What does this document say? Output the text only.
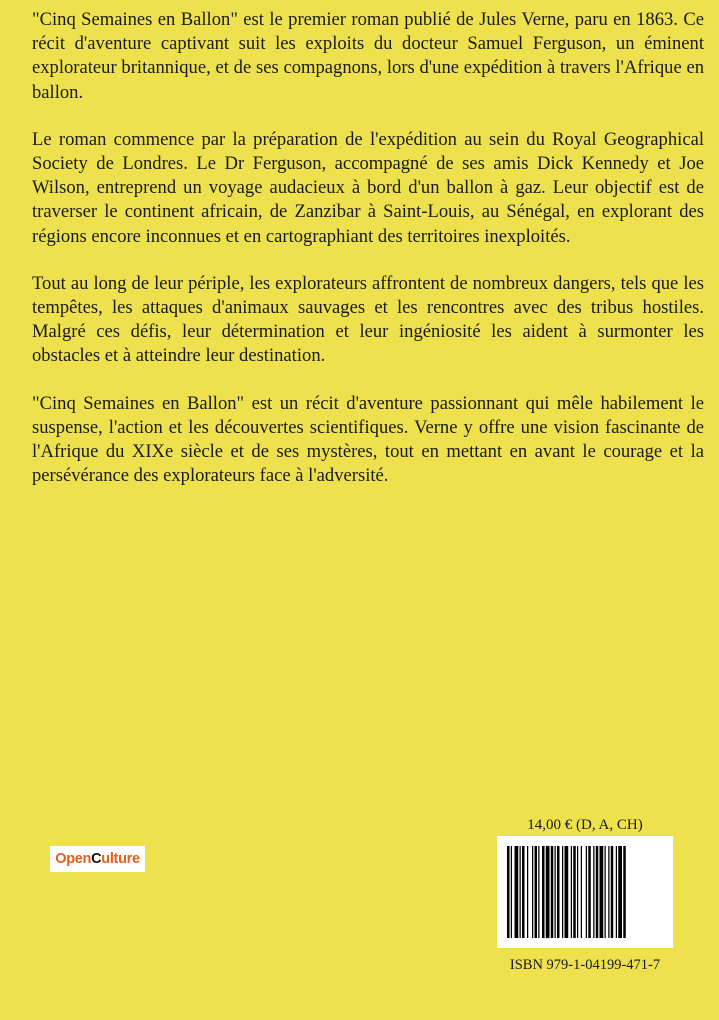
"Cinq Semaines en Ballon" est le premier roman publié de Jules Verne, paru en 1863. Ce récit d'aventure captivant suit les exploits du docteur Samuel Ferguson, un éminent explorateur britannique, et de ses compagnons, lors d'une expédition à travers l'Afrique en ballon.

Le roman commence par la préparation de l'expédition au sein du Royal Geographical Society de Londres. Le Dr Ferguson, accompagné de ses amis Dick Kennedy et Joe Wilson, entreprend un voyage audacieux à bord d'un ballon à gaz. Leur objectif est de traverser le continent africain, de Zanzibar à Saint-Louis, au Sénégal, en explorant des régions encore inconnues et en cartographiant des territoires inexploités.

Tout au long de leur périple, les explorateurs affrontent de nombreux dangers, tels que les tempêtes, les attaques d'animaux sauvages et les rencontres avec des tribus hostiles. Malgré ces défis, leur détermination et leur ingéniosité les aident à surmonter les obstacles et à atteindre leur destination.

"Cinq Semaines en Ballon" est un récit d'aventure passionnant qui mêle habilement le suspense, l'action et les découvertes scientifiques. Verne y offre une vision fascinante de l'Afrique du XIXe siècle et de ses mystères, tout en mettant en avant le courage et la persévérance des explorateurs face à l'adversité.

Open C ulture
14,00 € (D, A, CH)
ISBN 979-1-04199-471-7
